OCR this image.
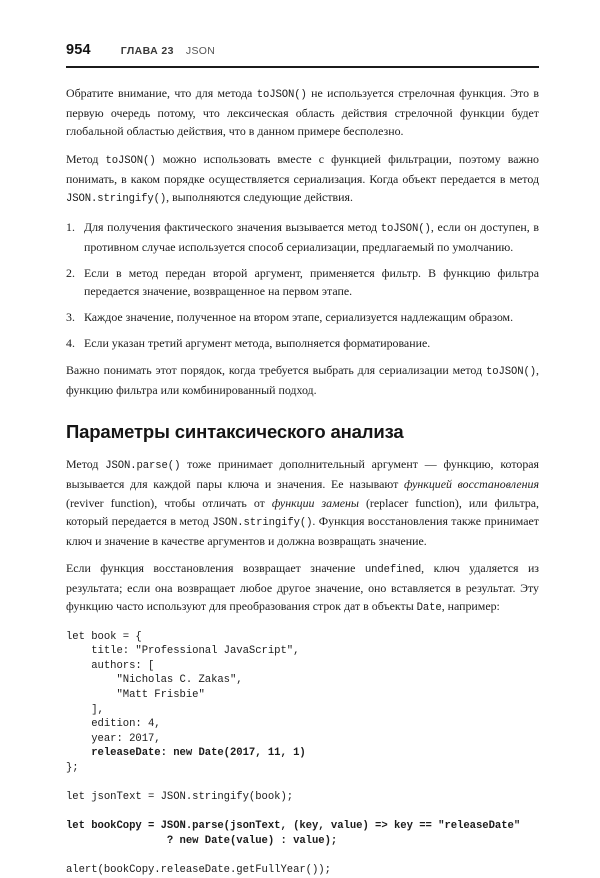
954	ГЛАВА 23 JSON

Обратите внимание, что для метода toJSON() не используется стрелочная функция. Это в первую очередь потому, что лексическая область действия стрелочной функции будет глобальной областью действия, что в данном примере бесполезно.

Метод toJSON() можно использовать вместе с функцией фильтрации, поэтому важно понимать, в каком порядке осуществляется сериализация. Когда объект передается в метод JSON.stringify(), выполняются следующие действия.

1. Для получения фактического значения вызывается метод toJSON(), если он доступен, в противном случае используется способ сериализации, предлагаемый по умолчанию.
2. Если в метод передан второй аргумент, применяется фильтр. В функцию фильтра передается значение, возвращенное на первом этапе.
3. Каждое значение, полученное на втором этапе, сериализуется надлежащим образом.
4. Если указан третий аргумент метода, выполняется форматирование.

Важно понимать этот порядок, когда требуется выбрать для сериализации метод toJSON(), функцию фильтра или комбинированный подход.

Параметры синтаксического анализа

Метод JSON.parse() тоже принимает дополнительный аргумент — функцию, которая вызывается для каждой пары ключа и значения. Ее называют функцией восстановления (reviver function), чтобы отличать от функции замены (replacer function), или фильтра, который передается в метод JSON.stringify(). Функция восстановления также принимает ключ и значение в качестве аргументов и должна возвращать значение.

Если функция восстановления возвращает значение undefined, ключ удаляется из результата; если она возвращает любое другое значение, оно вставляется в результат. Эту функцию часто используют для преобразования строк дат в объекты Date, например:

let book = {
title: "Professional JavaScript",
authors: [
"Nicholas C. Zakas",
"Matt Frisbie"
],
edition: 4,
year: 2017,
releaseDate: new Date(2017, 11, 1)
};

let jsonText = JSON.stringify(book);

let bookCopy = JSON.parse(jsonText, (key, value) => key == "releaseDate"
? new Date(value) : value);

alert(bookCopy.releaseDate.getFullYear());
